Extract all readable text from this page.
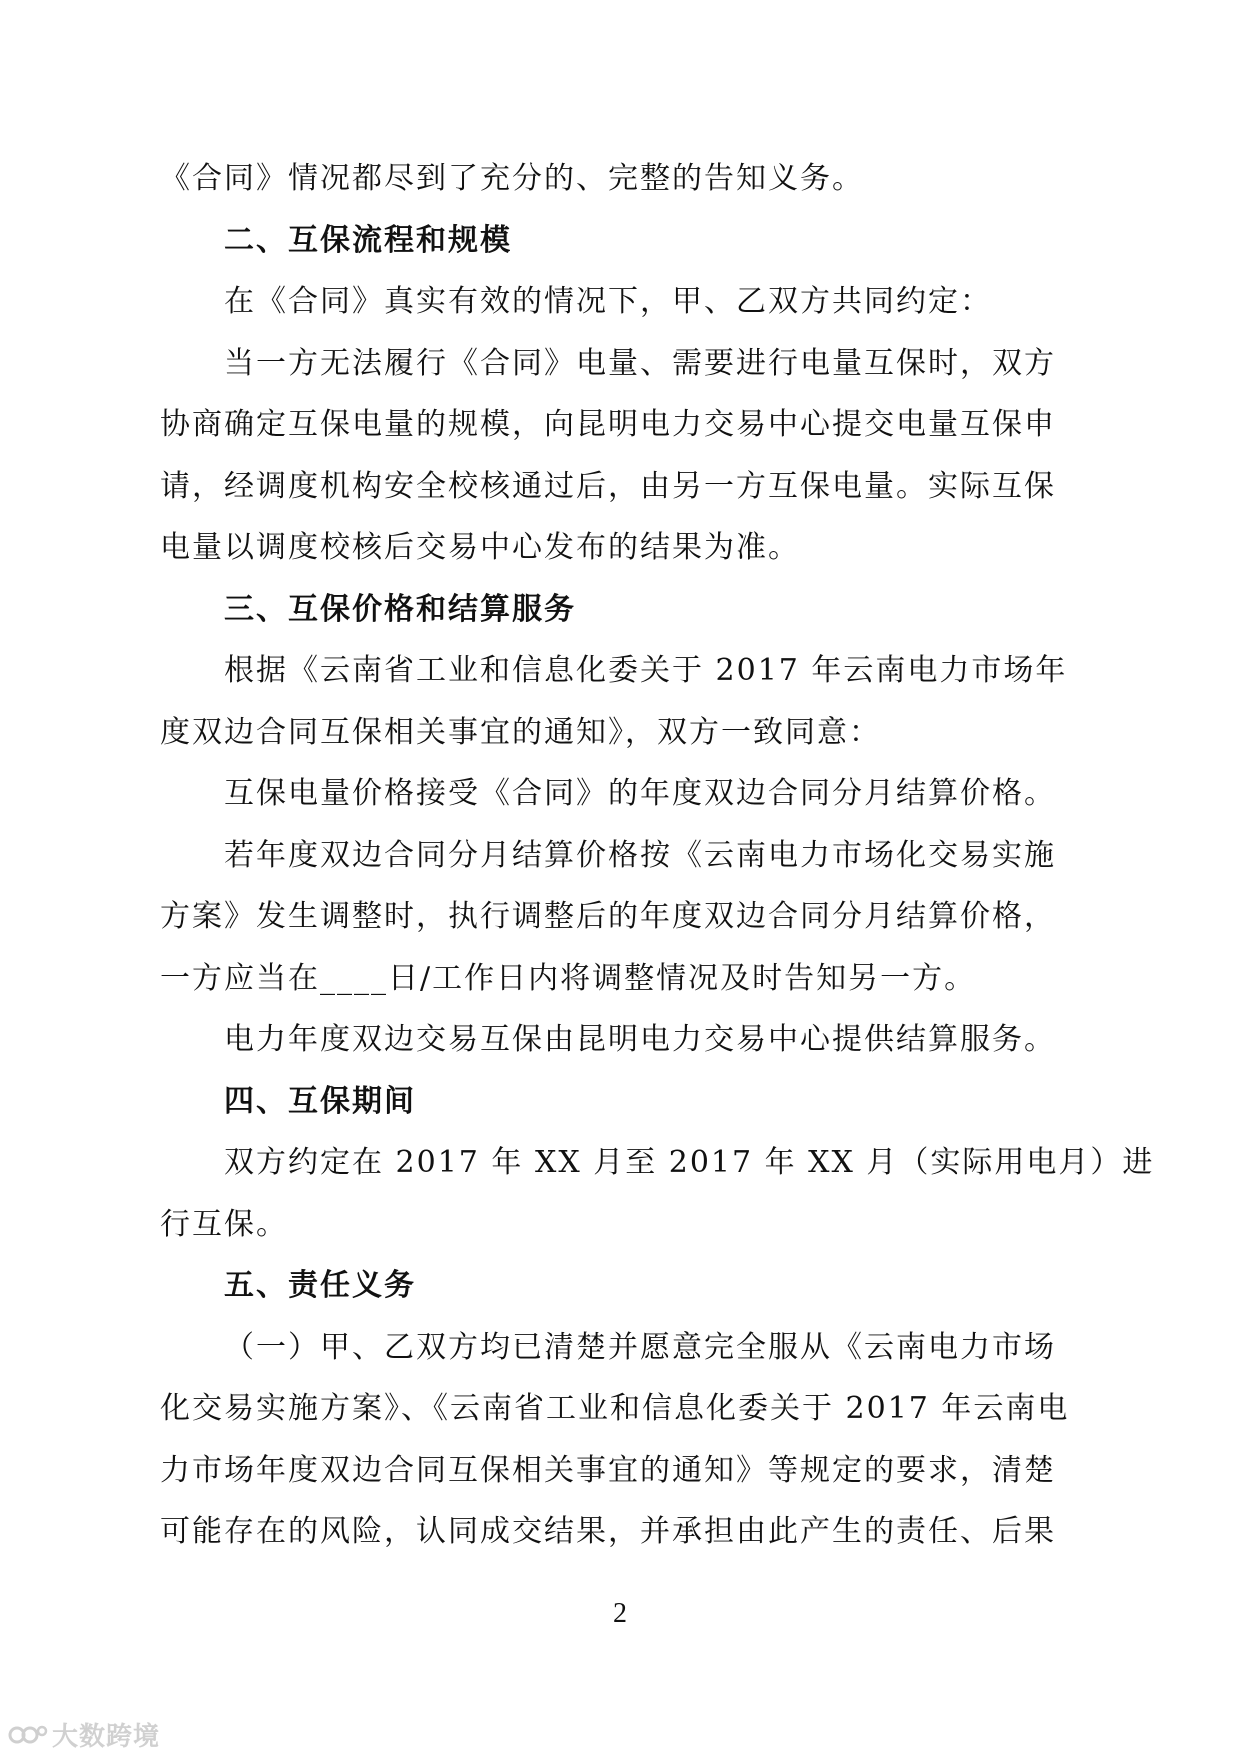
《合同》情况都尽到了充分的、完整的告知义务。
二、互保流程和规模
在《合同》真实有效的情况下，甲、乙双方共同约定：
当一方无法履行《合同》电量、需要进行电量互保时，双方
协商确定互保电量的规模，向昆明电力交易中心提交电量互保申
请，经调度机构安全校核通过后，由另一方互保电量。实际互保
电量以调度校核后交易中心发布的结果为准。
三、互保价格和结算服务
根据《云南省工业和信息化委关于 2017 年云南电力市场年
度双边合同互保相关事宜的通知》，双方一致同意：
互保电量价格接受《合同》的年度双边合同分月结算价格。
若年度双边合同分月结算价格按《云南电力市场化交易实施
方案》发生调整时，执行调整后的年度双边合同分月结算价格，
一方应当在____日/工作日内将调整情况及时告知另一方。
电力年度双边交易互保由昆明电力交易中心提供结算服务。
四、互保期间
双方约定在 2017 年 XX 月至 2017 年 XX 月（实际用电月）进
行互保。
五、责任义务
（一）甲、乙双方均已清楚并愿意完全服从《云南电力市场
化交易实施方案》、《云南省工业和信息化委关于 2017 年云南电
力市场年度双边合同互保相关事宜的通知》等规定的要求，清楚
可能存在的风险，认同成交结果，并承担由此产生的责任、后果
2
大数跨境
